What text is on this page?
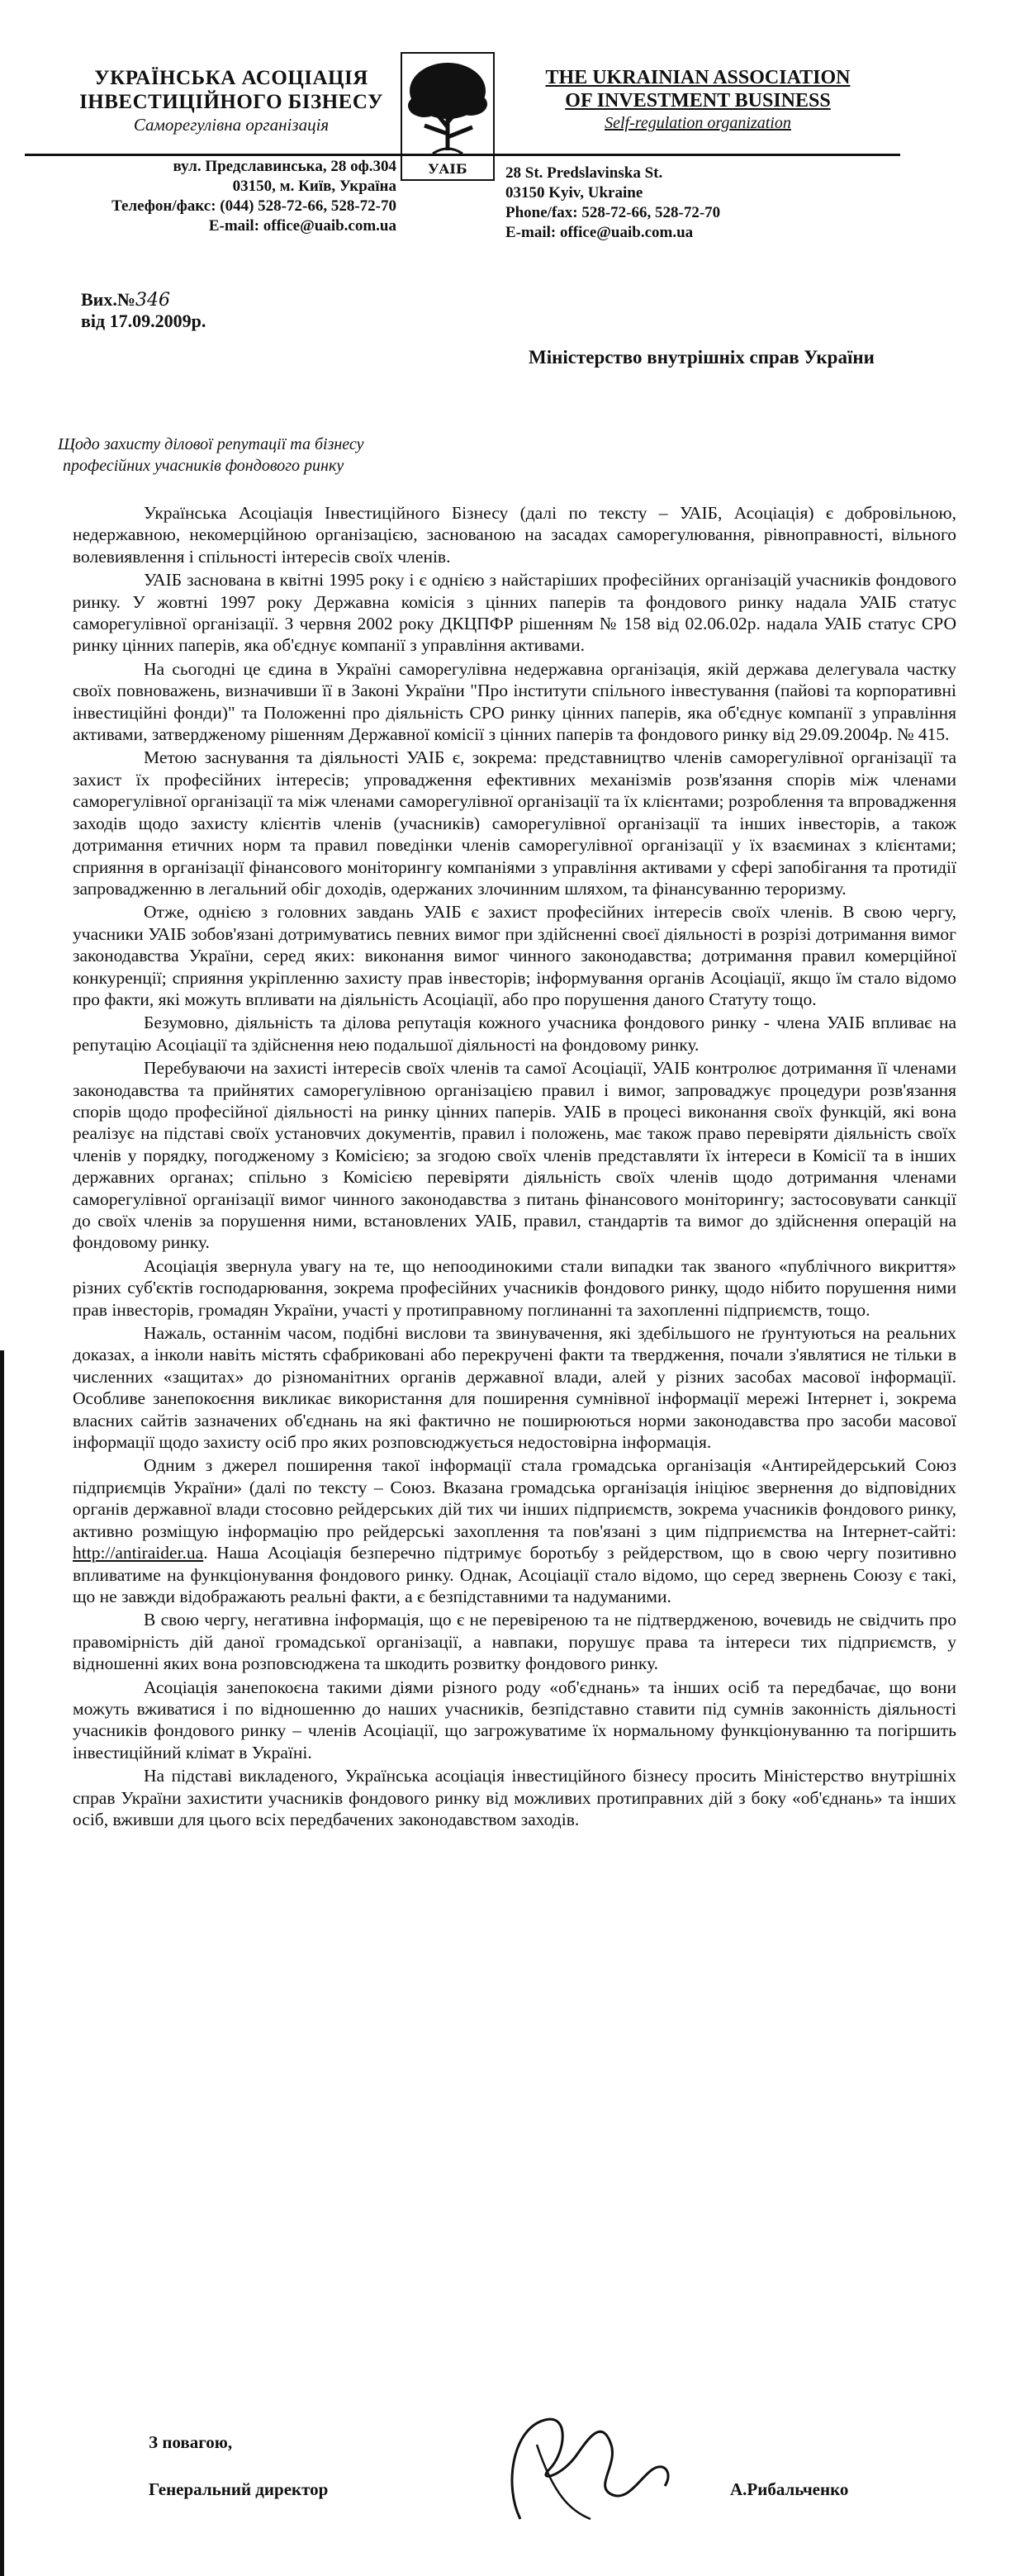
УКРАЇНСЬКА АСОЦІАЦІЯ
ІНВЕСТИЦІЙНОГО БІЗНЕСУ
Саморегулівна організація
УАІБ
THE UKRAINIAN ASSOCIATION
OF INVESTMENT BUSINESS
Self-regulation organization
вул. Предславинська, 28 оф.304
03150, м. Київ, Україна
Телефон/факс: (044) 528-72-66, 528-72-70
E-mail: office@uaib.com.ua
28 St. Predslavinska St.
03150 Kyiv, Ukraine
Phone/fax: 528-72-66, 528-72-70
E-mail: office@uaib.com.ua
Вих.№346
від 17.09.2009р.
Міністерство внутрішніх справ України
Щодо захисту ділової репутації та бізнесу
професійних учасників фондового ринку

Українська Асоціація Інвестиційного Бізнесу (далі по тексту – УАІБ, Асоціація) є добровільною, недержавною, некомерційною організацією, заснованою на засадах саморегулювання, рівноправності, вільного волевиявлення і спільності інтересів своїх членів.

УАІБ заснована в квітні 1995 року і є однією з найстаріших професійних організацій учасників фондового ринку. У жовтні 1997 року Державна комісія з цінних паперів та фондового ринку надала УАІБ статус саморегулівної організації. З червня 2002 року ДКЦПФР рішенням № 158 від 02.06.02р. надала УАІБ статус СРО ринку цінних паперів, яка об'єднує компанії з управління активами.

На сьогодні це єдина в Україні саморегулівна недержавна організація, якій держава делегувала частку своїх повноважень, визначивши її в Законі України "Про інститути спільного інвестування (пайові та корпоративні інвестиційні фонди)" та Положенні про діяльність СРО ринку цінних паперів, яка об'єднує компанії з управління активами, затвердженому рішенням Державної комісії з цінних паперів та фондового ринку від 29.09.2004р. № 415.

Метою заснування та діяльності УАІБ є, зокрема: представництво членів саморегулівної організації та захист їх професійних інтересів; упровадження ефективних механізмів розв'язання спорів між членами саморегулівної організації та між членами саморегулівної організації та їх клієнтами; розроблення та впровадження заходів щодо захисту клієнтів членів (учасників) саморегулівної організації та інших інвесторів, а також дотримання етичних норм та правил поведінки членів саморегулівної організації у їх взаєминах з клієнтами; сприяння в організації фінансового моніторингу компаніями з управління активами у сфері запобігання та протидії запровадженню в легальний обіг доходів, одержаних злочинним шляхом, та фінансуванню тероризму.

Отже, однією з головних завдань УАІБ є захист професійних інтересів своїх членів. В свою чергу, учасники УАІБ зобов'язані дотримуватись певних вимог при здійсненні своєї діяльності в розрізі дотримання вимог законодавства України, серед яких: виконання вимог чинного законодавства; дотримання правил комерційної конкуренції; сприяння укріпленню захисту прав інвесторів; інформування органів Асоціації, якщо їм стало відомо про факти, які можуть впливати на діяльність Асоціації, або про порушення даного Статуту тощо.

Безумовно, діяльність та ділова репутація кожного учасника фондового ринку - члена УАІБ впливає на репутацію Асоціації та здійснення нею подальшої діяльності на фондовому ринку.

Перебуваючи на захисті інтересів своїх членів та самої Асоціації, УАІБ контролює дотримання її членами законодавства та прийнятих саморегулівною організацією правил і вимог, запроваджує процедури розв'язання спорів щодо професійної діяльності на ринку цінних паперів. УАІБ в процесі виконання своїх функцій, які вона реалізує на підставі своїх установчих документів, правил і положень, має також право перевіряти діяльність своїх членів у порядку, погодженому з Комісією; за згодою своїх членів представляти їх інтереси в Комісії та в інших державних органах; спільно з Комісією перевіряти діяльність своїх членів щодо дотримання членами саморегулівної організації вимог чинного законодавства з питань фінансового моніторингу; застосовувати санкції до своїх членів за порушення ними, встановлених УАІБ, правил, стандартів та вимог до здійснення операцій на фондовому ринку.

Асоціація звернула увагу на те, що непоодинокими стали випадки так званого «публічного викриття» різних суб'єктів господарювання, зокрема професійних учасників фондового ринку, щодо нібито порушення ними прав інвесторів, громадян України, участі у протиправному поглинанні та захопленні підприємств, тощо.

Нажаль, останнім часом, подібні вислови та звинувачення, які здебільшого не ґрунтуються на реальних доказах, а інколи навіть містять сфабриковані або перекручені факти та твердження, почали з'являтися не тільки в численних «защитах» до різноманітних органів державної влади, алей у різних засобах масової інформації. Особливе занепокоєння викликає використання для поширення сумнівної інформації мережі Інтернет і, зокрема власних сайтів зазначених об'єднань на які фактично не поширюються норми законодавства про засоби масової інформації щодо захисту осіб про яких розповсюджується недостовірна інформація.

Одним з джерел поширення такої інформації стала громадська організація «Антирейдерський Союз підприємців України» (далі по тексту – Союз. Вказана громадська організація ініціює звернення до відповідних органів державної влади стосовно рейдерських дій тих чи інших підприємств, зокрема учасників фондового ринку, активно розміщую інформацію про рейдерські захоплення та пов'язані з цим підприємства на Інтернет-сайті: http://antiraider.ua. Наша Асоціація безперечно підтримує боротьбу з рейдерством, що в свою чергу позитивно впливатиме на функціонування фондового ринку. Однак, Асоціації стало відомо, що серед звернень Союзу є такі, що не завжди відображають реальні факти, а є безпідставними та надуманими.

В свою чергу, негативна інформація, що є не перевіреною та не підтвердженою, вочевидь не свідчить про правомірність дій даної громадської організації, а навпаки, порушує права та інтереси тих підприємств, у відношенні яких вона розповсюджена та шкодить розвитку фондового ринку.

Асоціація занепокоєна такими діями різного роду «об'єднань» та інших осіб та передбачає, що вони можуть вживатися і по відношенню до наших учасників, безпідставно ставити під сумнів законність діяльності учасників фондового ринку – членів Асоціації, що загрожуватиме їх нормальному функціонуванню та погіршить інвестиційний клімат в Україні.

На підставі викладеного, Українська асоціація інвестиційного бізнесу просить Міністерство внутрішніх справ України захистити учасників фондового ринку від можливих протиправних дій з боку «об'єднань» та інших осіб, вживши для цього всіх передбачених законодавством заходів.

З повагою,
Генеральний директор	А.Рибальченко
